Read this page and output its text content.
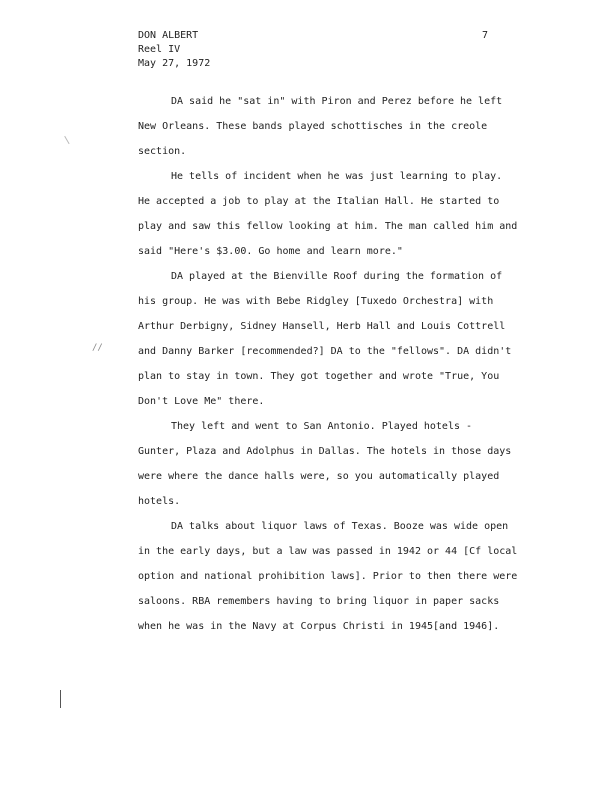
DON ALBERT
Reel IV
May 27, 1972
7
//
DA said he "sat in" with Piron and Perez before he left
New Orleans. These bands played schottisches in the creole
section.
He tells of incident when he was just learning to play.
He accepted a job to play at the Italian Hall. He started to
play and saw this fellow looking at him. The man called him and
said "Here's $3.00. Go home and learn more."
DA played at the Bienville Roof during the formation of
his group. He was with Bebe Ridgley [Tuxedo Orchestra] with
Arthur Derbigny, Sidney Hansell, Herb Hall and Louis Cottrell
and Danny Barker [recommended?] DA to the "fellows". DA didn't
plan to stay in town. They got together and wrote "True, You
Don't Love Me" there.
They left and went to San Antonio. Played hotels -
Gunter, Plaza and Adolphus in Dallas. The hotels in those days
were where the dance halls were, so you automatically played
hotels.
DA talks about liquor laws of Texas. Booze was wide open
in the early days, but a law was passed in 1942 or 44 [Cf local
option and national prohibition laws]. Prior to then there were
saloons. RBA remembers having to bring liquor in paper sacks
when he was in the Navy at Corpus Christi in 1945[and 1946].
